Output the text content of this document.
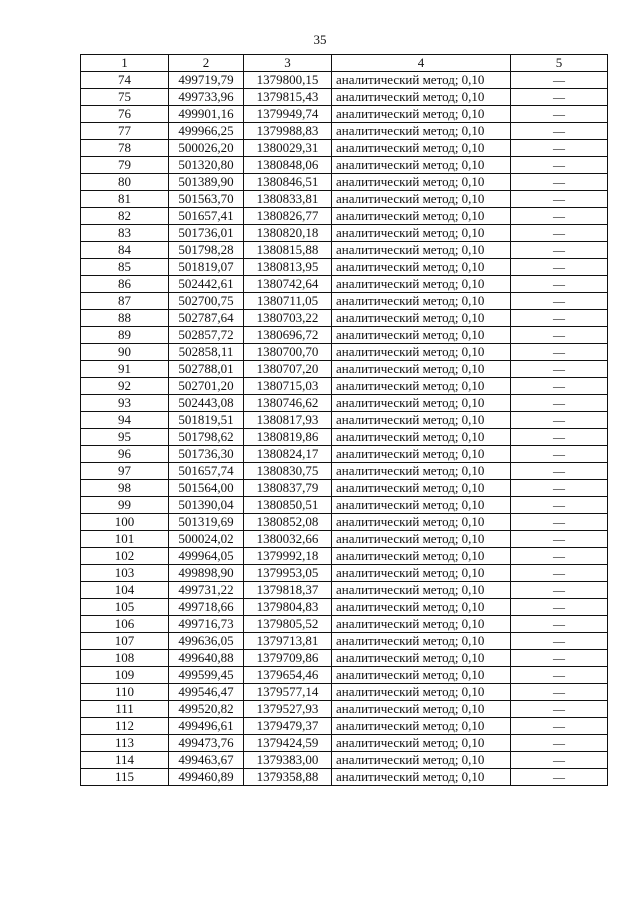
35
1	2	3	4	5
74	499719,79	1379800,15	аналитический метод; 0,10	—
75	499733,96	1379815,43	аналитический метод; 0,10	—
76	499901,16	1379949,74	аналитический метод; 0,10	—
77	499966,25	1379988,83	аналитический метод; 0,10	—
78	500026,20	1380029,31	аналитический метод; 0,10	—
79	501320,80	1380848,06	аналитический метод; 0,10	—
80	501389,90	1380846,51	аналитический метод; 0,10	—
81	501563,70	1380833,81	аналитический метод; 0,10	—
82	501657,41	1380826,77	аналитический метод; 0,10	—
83	501736,01	1380820,18	аналитический метод; 0,10	—
84	501798,28	1380815,88	аналитический метод; 0,10	—
85	501819,07	1380813,95	аналитический метод; 0,10	—
86	502442,61	1380742,64	аналитический метод; 0,10	—
87	502700,75	1380711,05	аналитический метод; 0,10	—
88	502787,64	1380703,22	аналитический метод; 0,10	—
89	502857,72	1380696,72	аналитический метод; 0,10	—
90	502858,11	1380700,70	аналитический метод; 0,10	—
91	502788,01	1380707,20	аналитический метод; 0,10	—
92	502701,20	1380715,03	аналитический метод; 0,10	—
93	502443,08	1380746,62	аналитический метод; 0,10	—
94	501819,51	1380817,93	аналитический метод; 0,10	—
95	501798,62	1380819,86	аналитический метод; 0,10	—
96	501736,30	1380824,17	аналитический метод; 0,10	—
97	501657,74	1380830,75	аналитический метод; 0,10	—
98	501564,00	1380837,79	аналитический метод; 0,10	—
99	501390,04	1380850,51	аналитический метод; 0,10	—
100	501319,69	1380852,08	аналитический метод; 0,10	—
101	500024,02	1380032,66	аналитический метод; 0,10	—
102	499964,05	1379992,18	аналитический метод; 0,10	—
103	499898,90	1379953,05	аналитический метод; 0,10	—
104	499731,22	1379818,37	аналитический метод; 0,10	—
105	499718,66	1379804,83	аналитический метод; 0,10	—
106	499716,73	1379805,52	аналитический метод; 0,10	—
107	499636,05	1379713,81	аналитический метод; 0,10	—
108	499640,88	1379709,86	аналитический метод; 0,10	—
109	499599,45	1379654,46	аналитический метод; 0,10	—
110	499546,47	1379577,14	аналитический метод; 0,10	—
111	499520,82	1379527,93	аналитический метод; 0,10	—
112	499496,61	1379479,37	аналитический метод; 0,10	—
113	499473,76	1379424,59	аналитический метод; 0,10	—
114	499463,67	1379383,00	аналитический метод; 0,10	—
115	499460,89	1379358,88	аналитический метод; 0,10	—
